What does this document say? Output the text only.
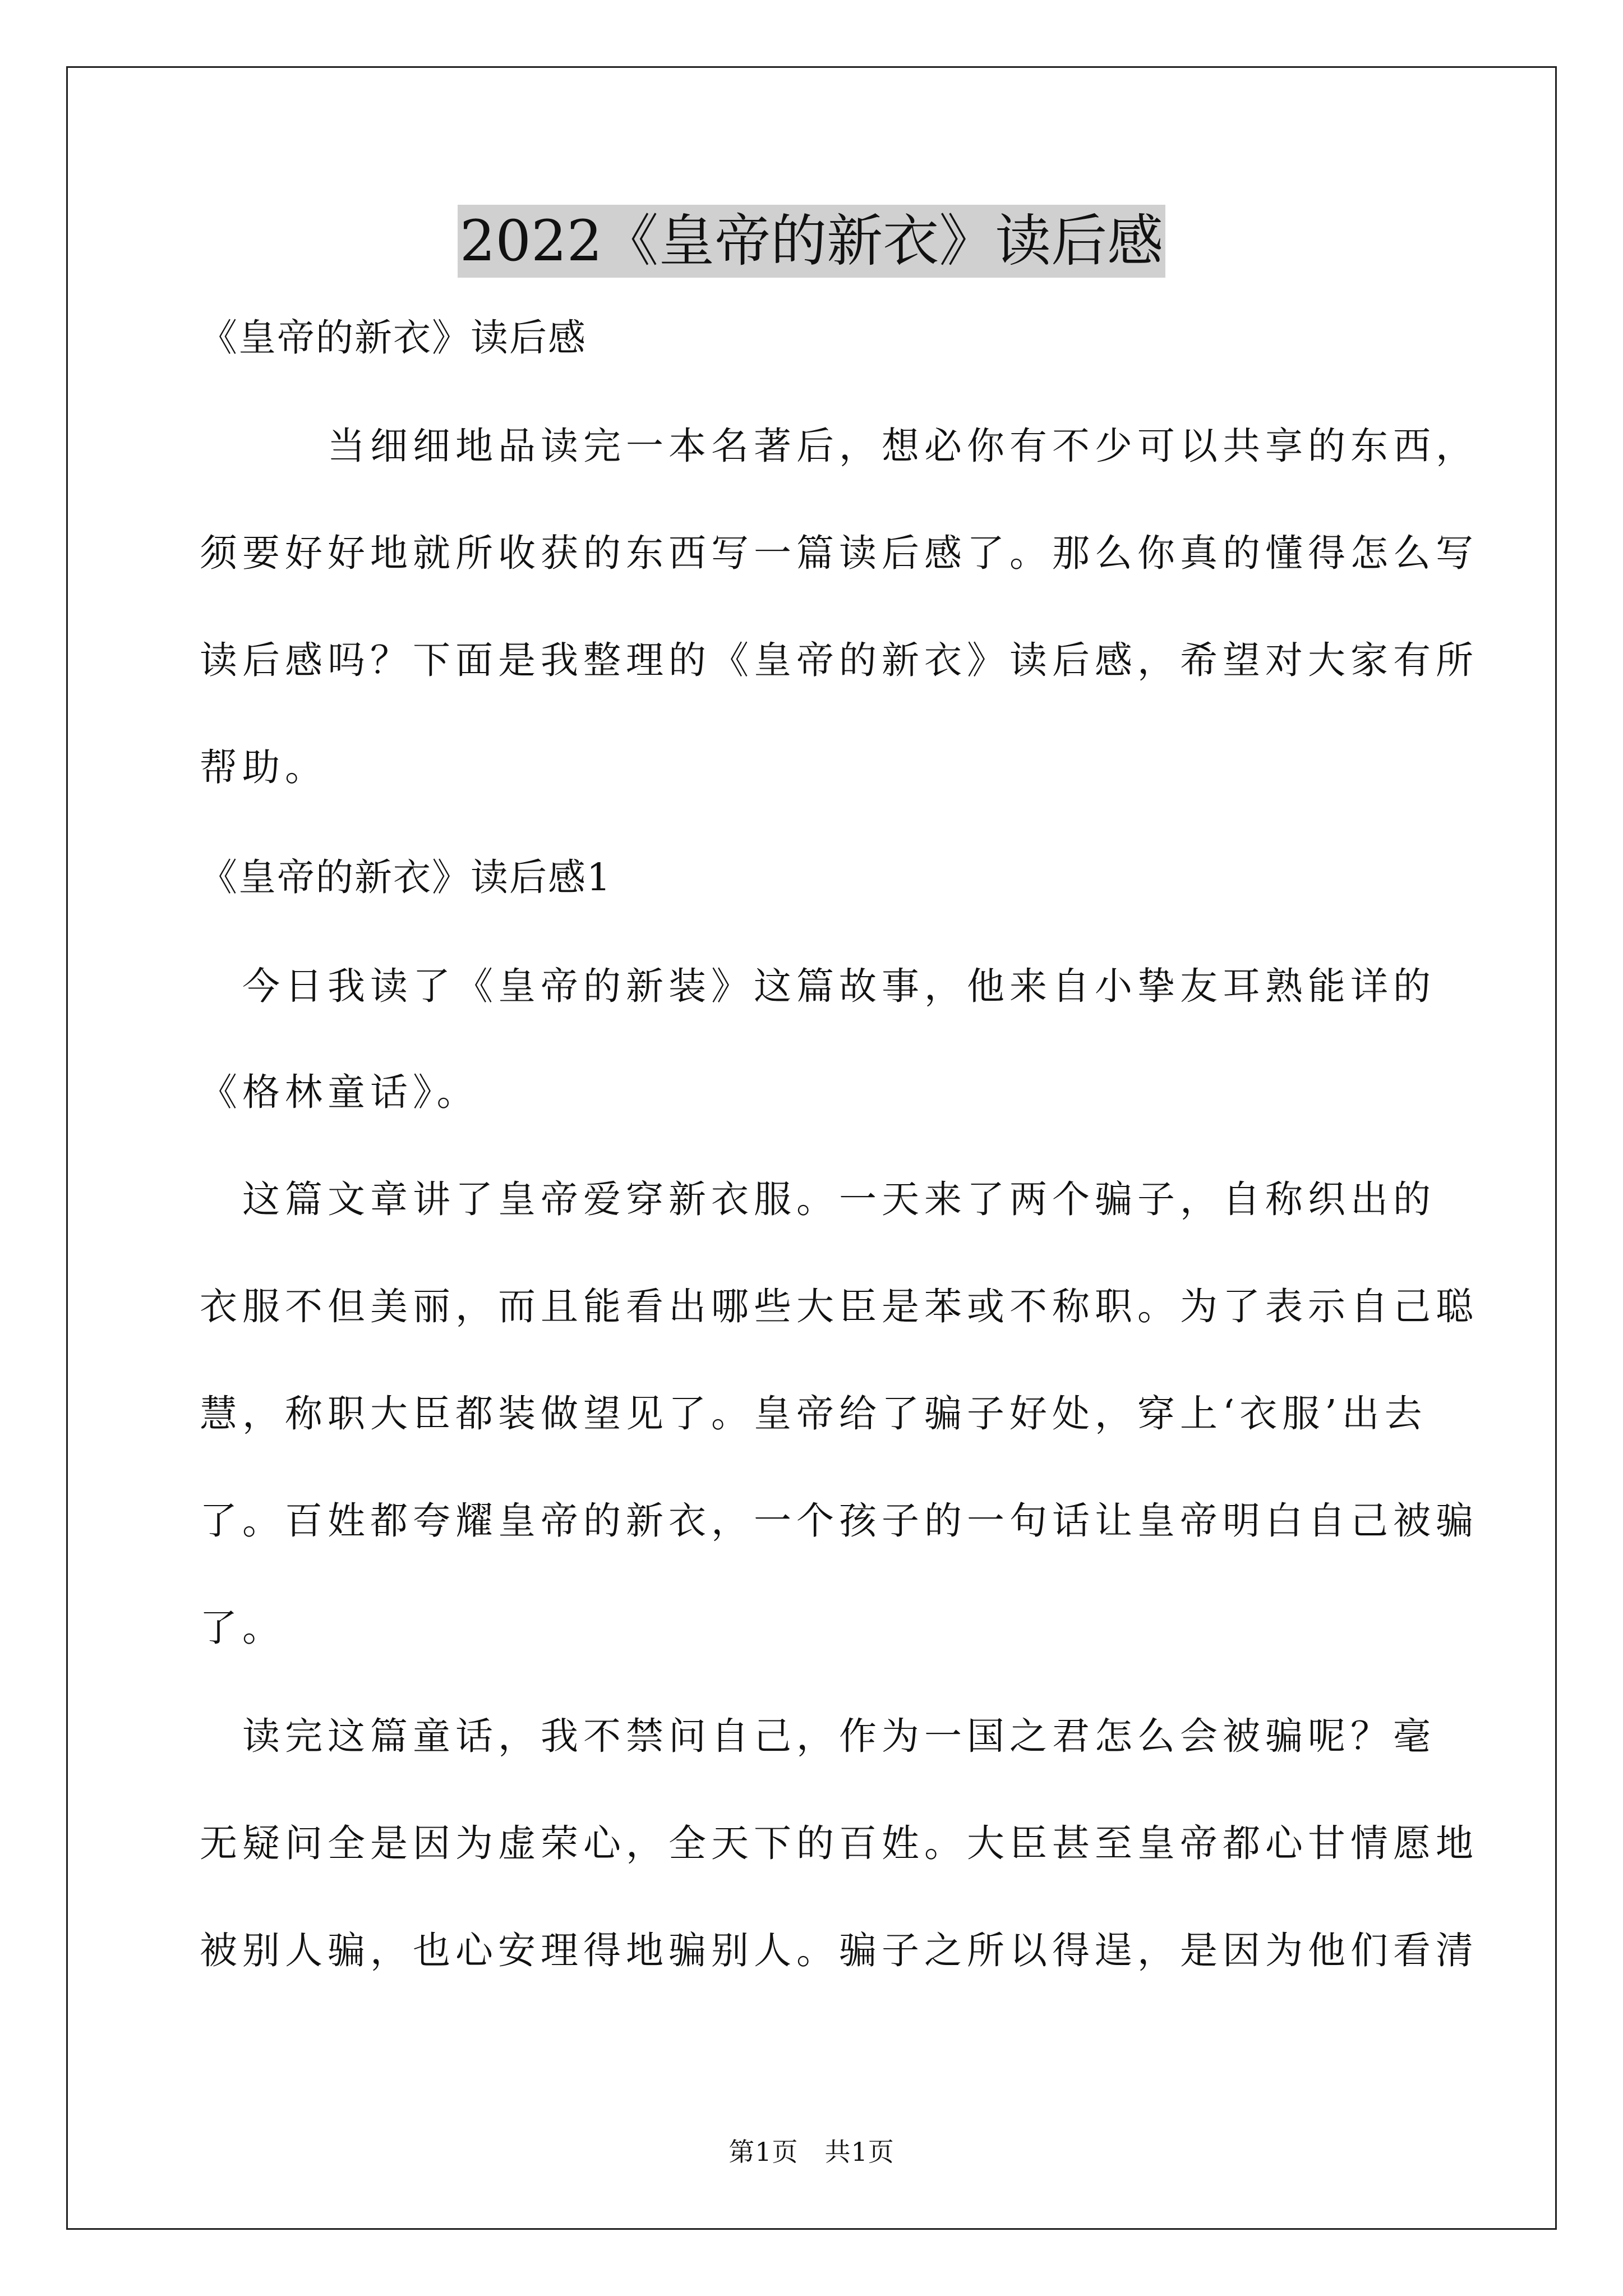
2022《皇帝的新衣》读后感
《皇帝的新衣》读后感
　　　当细细地品读完一本名著后，想必你有不少可以共享的东西，
须要好好地就所收获的东西写一篇读后感了。那么你真的懂得怎么写
读后感吗？下面是我整理的《皇帝的新衣》读后感，希望对大家有所
帮助。
《皇帝的新衣》读后感1
　今日我读了《皇帝的新装》这篇故事，他来自小挚友耳熟能详的
《格林童话》。
　这篇文章讲了皇帝爱穿新衣服。一天来了两个骗子，自称织出的
衣服不但美丽，而且能看出哪些大臣是苯或不称职。为了表示自己聪
慧，称职大臣都装做望见了。皇帝给了骗子好处，穿上‘衣服’出去
了。百姓都夸耀皇帝的新衣，一个孩子的一句话让皇帝明白自己被骗
了。
　读完这篇童话，我不禁问自己，作为一国之君怎么会被骗呢？毫
无疑问全是因为虚荣心，全天下的百姓。大臣甚至皇帝都心甘情愿地
被别人骗，也心安理得地骗别人。骗子之所以得逞，是因为他们看清
第1页　共1页
